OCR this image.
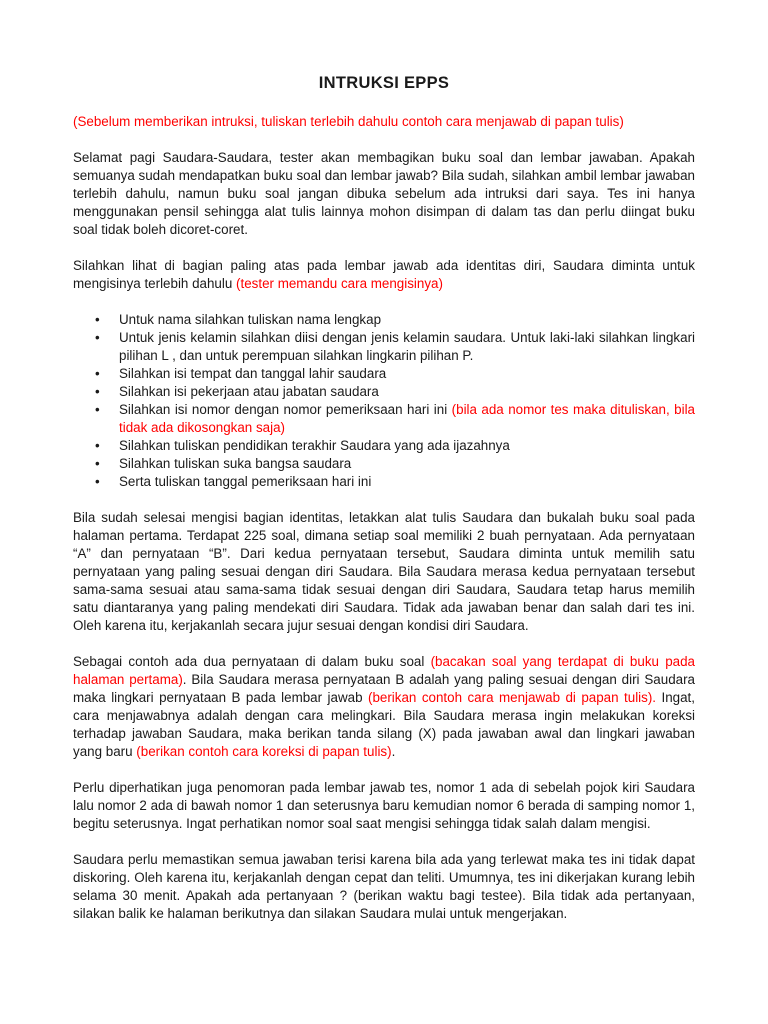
INTRUKSI EPPS

(Sebelum memberikan intruksi, tuliskan terlebih dahulu contoh cara menjawab di papan tulis)

Selamat pagi Saudara-Saudara, tester akan membagikan buku soal dan lembar jawaban. Apakah semuanya sudah mendapatkan buku soal dan lembar jawab? Bila sudah, silahkan ambil lembar jawaban terlebih dahulu, namun buku soal jangan dibuka sebelum ada intruksi dari saya. Tes ini hanya menggunakan pensil sehingga alat tulis lainnya mohon disimpan di dalam tas dan perlu diingat buku soal tidak boleh dicoret-coret.

Silahkan lihat di bagian paling atas pada lembar jawab ada identitas diri, Saudara diminta untuk mengisinya terlebih dahulu (tester memandu cara mengisinya)

• Untuk nama silahkan tuliskan nama lengkap
• Untuk jenis kelamin silahkan diisi dengan jenis kelamin saudara. Untuk laki-laki silahkan lingkari pilihan L , dan untuk perempuan silahkan lingkarin pilihan P.
• Silahkan isi tempat dan tanggal lahir saudara
• Silahkan isi pekerjaan atau jabatan saudara
• Silahkan isi nomor dengan nomor pemeriksaan hari ini (bila ada nomor tes maka dituliskan, bila tidak ada dikosongkan saja)
• Silahkan tuliskan pendidikan terakhir Saudara yang ada ijazahnya
• Silahkan tuliskan suka bangsa saudara
• Serta tuliskan tanggal pemeriksaan hari ini

Bila sudah selesai mengisi bagian identitas, letakkan alat tulis Saudara dan bukalah buku soal pada halaman pertama. Terdapat 225 soal, dimana setiap soal memiliki 2 buah pernyataan. Ada pernyataan “A” dan pernyataan “B”. Dari kedua pernyataan tersebut, Saudara diminta untuk memilih satu pernyataan yang paling sesuai dengan diri Saudara. Bila Saudara merasa kedua pernyataan tersebut sama-sama sesuai atau sama-sama tidak sesuai dengan diri Saudara, Saudara tetap harus memilih satu diantaranya yang paling mendekati diri Saudara. Tidak ada jawaban benar dan salah dari tes ini. Oleh karena itu, kerjakanlah secara jujur sesuai dengan kondisi diri Saudara.

Sebagai contoh ada dua pernyataan di dalam buku soal (bacakan soal yang terdapat di buku pada halaman pertama). Bila Saudara merasa pernyataan B adalah yang paling sesuai dengan diri Saudara maka lingkari pernyataan B pada lembar jawab (berikan contoh cara menjawab di papan tulis). Ingat, cara menjawabnya adalah dengan cara melingkari. Bila Saudara merasa ingin melakukan koreksi terhadap jawaban Saudara, maka berikan tanda silang (X) pada jawaban awal dan lingkari jawaban yang baru (berikan contoh cara koreksi di papan tulis).

Perlu diperhatikan juga penomoran pada lembar jawab tes, nomor 1 ada di sebelah pojok kiri Saudara lalu nomor 2 ada di bawah nomor 1 dan seterusnya baru kemudian nomor 6 berada di samping nomor 1, begitu seterusnya. Ingat perhatikan nomor soal saat mengisi sehingga tidak salah dalam mengisi.

Saudara perlu memastikan semua jawaban terisi karena bila ada yang terlewat maka tes ini tidak dapat diskoring. Oleh karena itu, kerjakanlah dengan cepat dan teliti. Umumnya, tes ini dikerjakan kurang lebih selama 30 menit. Apakah ada pertanyaan ? (berikan waktu bagi testee). Bila tidak ada pertanyaan, silakan balik ke halaman berikutnya dan silakan Saudara mulai untuk mengerjakan.
